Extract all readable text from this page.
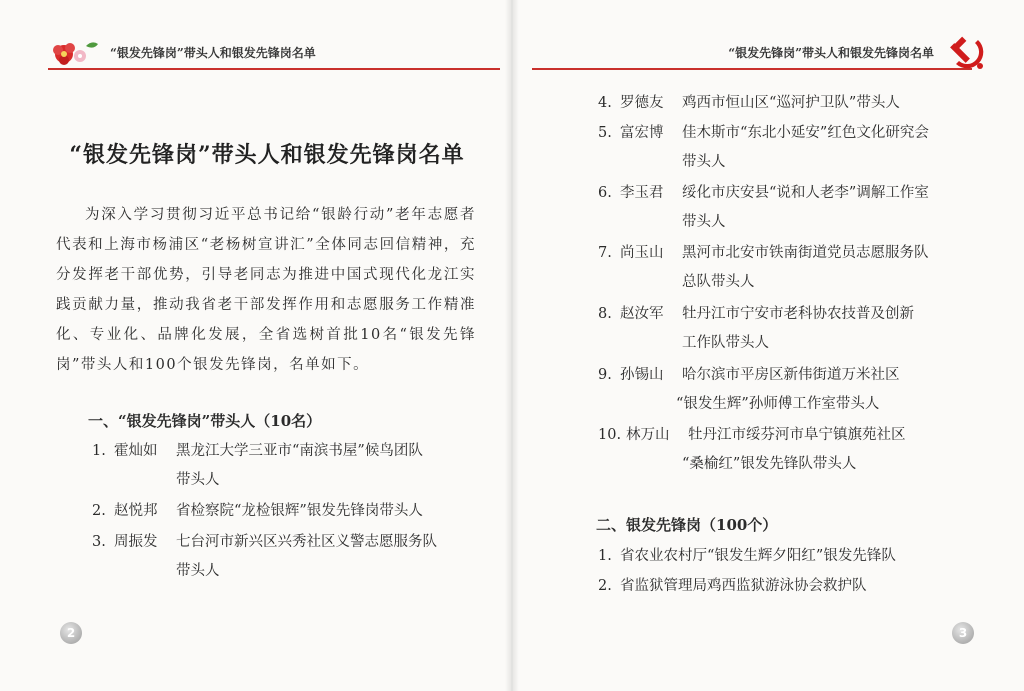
“银发先锋岗”带头人和银发先锋岗名单
“银发先锋岗”带头人和银发先锋岗名单
为深入学习贯彻习近平总书记给“银龄行动”老年志愿者代表和上海市杨浦区“老杨树宣讲汇”全体同志回信精神，充分发挥老干部优势，引导老同志为推进中国式现代化龙江实践贡献力量，推动我省老干部发挥作用和志愿服务工作精准化、专业化、品牌化发展，全省选树首批10名“银发先锋岗”带头人和100个银发先锋岗，名单如下。
一、“银发先锋岗”带头人（10名）
1. 霍灿如 黑龙江大学三亚市“南滨书屋”候鸟团队
带头人
2. 赵悦邦 省检察院“龙检银辉”银发先锋岗带头人
3. 周振发 七台河市新兴区兴秀社区义警志愿服务队
带头人
2
“银发先锋岗”带头人和银发先锋岗名单
4. 罗德友 鸡西市恒山区“巡河护卫队”带头人
5. 富宏博 佳木斯市“东北小延安”红色文化研究会
带头人
6. 李玉君 绥化市庆安县“说和人老李”调解工作室
带头人
7. 尚玉山 黑河市北安市铁南街道党员志愿服务队
总队带头人
8. 赵汝军 牡丹江市宁安市老科协农技普及创新
工作队带头人
9. 孙锡山 哈尔滨市平房区新伟街道万米社区
“银发生辉”孙师傅工作室带头人
10. 林万山 牡丹江市绥芬河市阜宁镇旗苑社区
“桑榆红”银发先锋队带头人
二、银发先锋岗（100个）
1. 省农业农村厅“银发生辉夕阳红”银发先锋队
2. 省监狱管理局鸡西监狱游泳协会救护队
3
